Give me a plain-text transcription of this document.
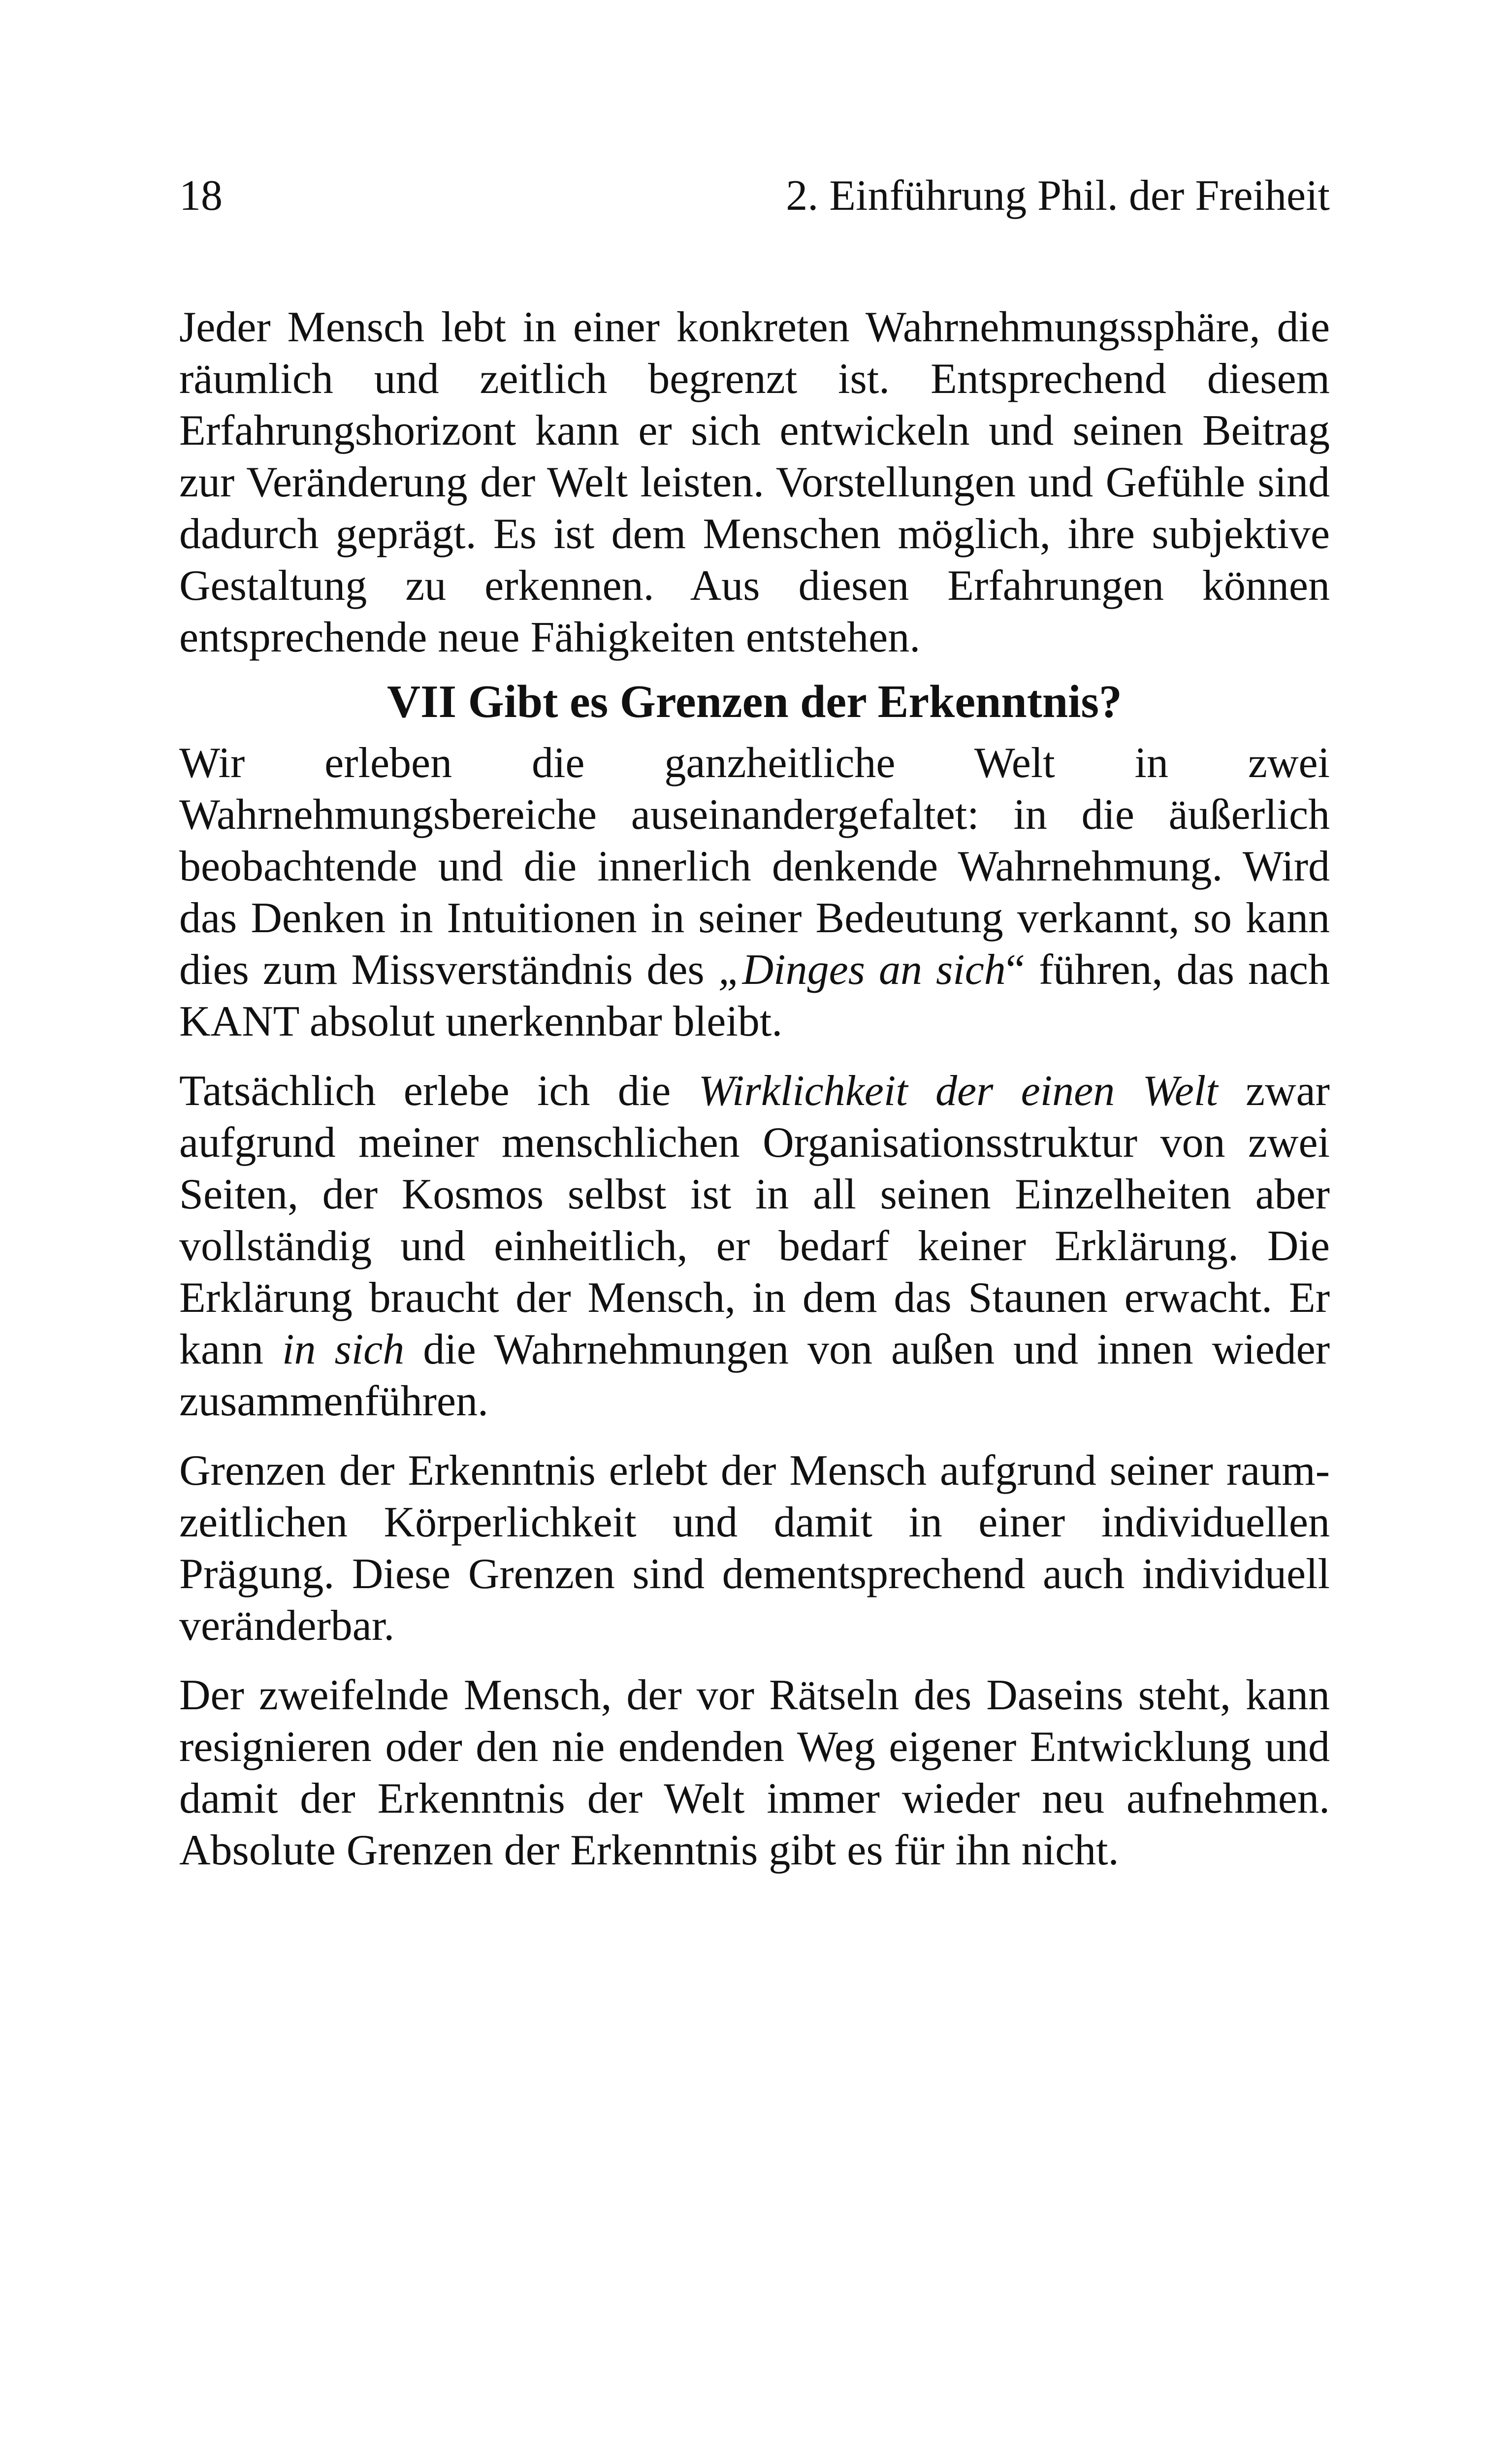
18	2. Einführung Phil. der Freiheit

Jeder Mensch lebt in einer konkreten Wahrnehmungssphäre, die räumlich und zeitlich begrenzt ist. Entsprechend diesem Erfahrungshorizont kann er sich entwickeln und seinen Beitrag zur Veränderung der Welt leisten. Vorstellungen und Gefühle sind dadurch geprägt. Es ist dem Menschen möglich, ihre subjektive Gestaltung zu erkennen. Aus diesen Erfahrungen können entsprechende neue Fähigkeiten entstehen.

VII Gibt es Grenzen der Erkenntnis?

Wir erleben die ganzheitliche Welt in zwei Wahrnehmungsbereiche auseinandergefaltet: in die äußerlich beobachtende und die innerlich denkende Wahrnehmung. Wird das Denken in Intuitionen in seiner Bedeutung verkannt, so kann dies zum Missverständnis des „Dinges an sich“ führen, das nach KANT absolut unerkennbar bleibt.

Tatsächlich erlebe ich die Wirklichkeit der einen Welt zwar aufgrund meiner menschlichen Organisationsstruktur von zwei Seiten, der Kosmos selbst ist in all seinen Einzelheiten aber vollständig und einheitlich, er bedarf keiner Erklärung. Die Erklärung braucht der Mensch, in dem das Staunen erwacht. Er kann in sich die Wahrnehmungen von außen und innen wieder zusammenführen.

Grenzen der Erkenntnis erlebt der Mensch aufgrund seiner raum-zeitlichen Körperlichkeit und damit in einer individuellen Prägung. Diese Grenzen sind dementsprechend auch individuell veränderbar.

Der zweifelnde Mensch, der vor Rätseln des Daseins steht, kann resignieren oder den nie endenden Weg eigener Entwicklung und damit der Erkenntnis der Welt immer wieder neu aufnehmen. Absolute Grenzen der Erkenntnis gibt es für ihn nicht.
